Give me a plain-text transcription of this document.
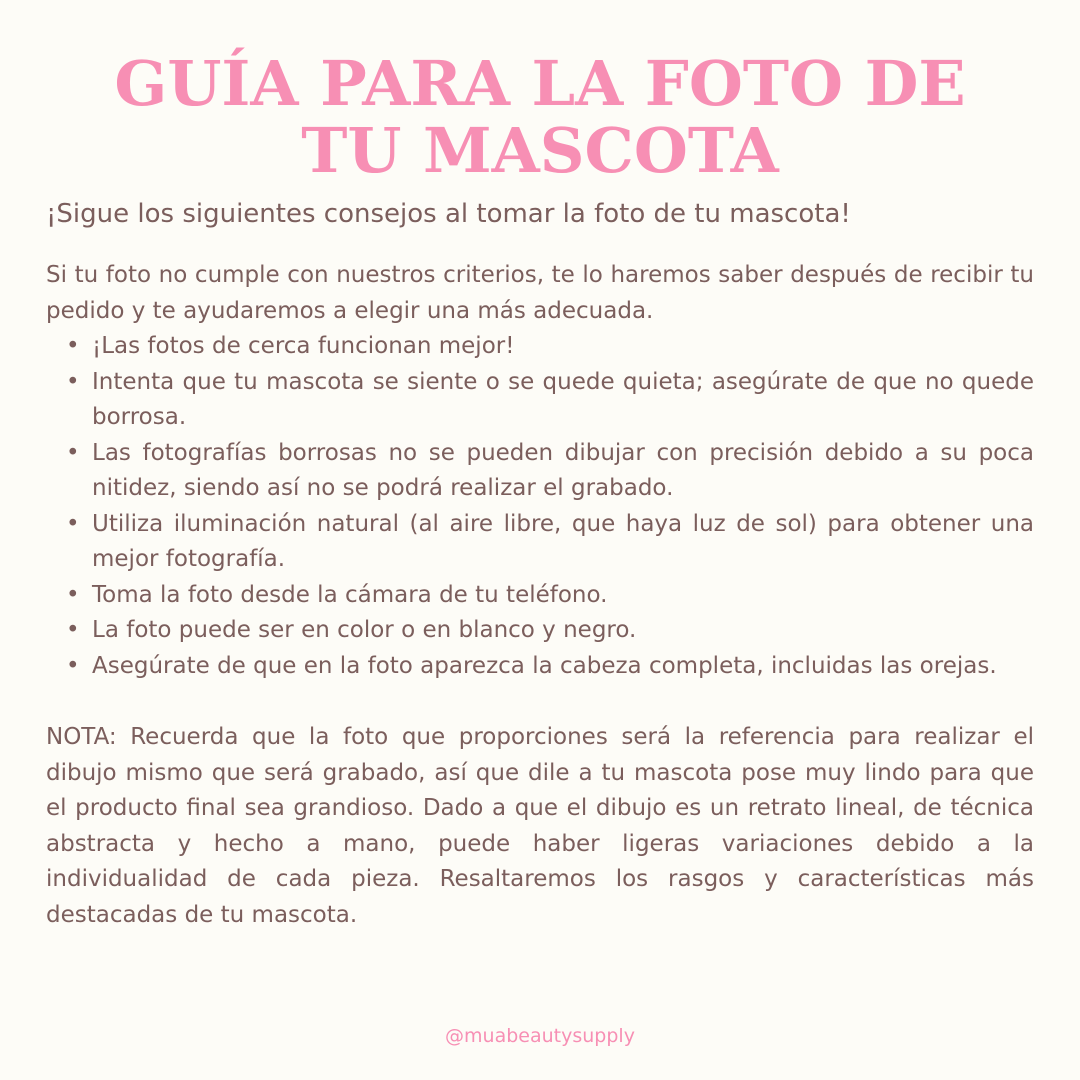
GUÍA PARA LA FOTO DE TU MASCOTA

¡Sigue los siguientes consejos al tomar la foto de tu mascota!

Si tu foto no cumple con nuestros criterios, te lo haremos saber después de recibir tu pedido y te ayudaremos a elegir una más adecuada.

• ¡Las fotos de cerca funcionan mejor!
• Intenta que tu mascota se siente o se quede quieta; asegúrate de que no quede borrosa.
• Las fotografías borrosas no se pueden dibujar con precisión debido a su poca nitidez, siendo así no se podrá realizar el grabado.
• Utiliza iluminación natural (al aire libre, que haya luz de sol) para obtener una mejor fotografía.
• Toma la foto desde la cámara de tu teléfono.
• La foto puede ser en color o en blanco y negro.
• Asegúrate de que en la foto aparezca la cabeza completa, incluidas las orejas.

NOTA: Recuerda que la foto que proporciones será la referencia para realizar el dibujo mismo que será grabado, así que dile a tu mascota pose muy lindo para que el producto final sea grandioso. Dado a que el dibujo es un retrato lineal, de técnica abstracta y hecho a mano, puede haber ligeras variaciones debido a la individualidad de cada pieza. Resaltaremos los rasgos y características más destacadas de tu mascota.

@muabeautysupply
